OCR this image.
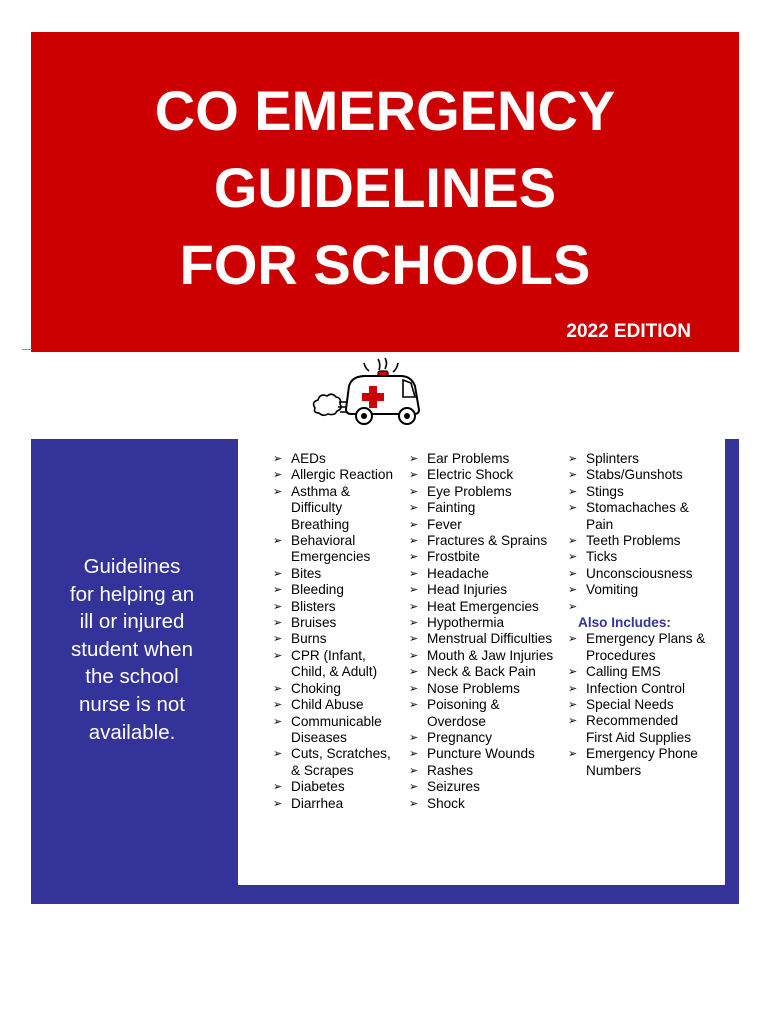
CO EMERGENCY
GUIDELINES
FOR SCHOOLS
2022 EDITION
Guidelines
for helping an
ill or injured
student when
the school
nurse is not
available.
➢ AEDs
➢ Allergic Reaction
➢ Asthma &
Difficulty
Breathing
➢ Behavioral
Emergencies
➢ Bites
➢ Bleeding
➢ Blisters
➢ Bruises
➢ Burns
➢ CPR (Infant,
Child, & Adult)
➢ Choking
➢ Child Abuse
➢ Communicable
Diseases
➢ Cuts, Scratches,
& Scrapes
➢ Diabetes
➢ Diarrhea
➢ Ear Problems
➢ Electric Shock
➢ Eye Problems
➢ Fainting
➢ Fever
➢ Fractures & Sprains
➢ Frostbite
➢ Headache
➢ Head Injuries
➢ Heat Emergencies
➢ Hypothermia
➢ Menstrual Difficulties
➢ Mouth & Jaw Injuries
➢ Neck & Back Pain
➢ Nose Problems
➢ Poisoning &
Overdose
➢ Pregnancy
➢ Puncture Wounds
➢ Rashes
➢ Seizures
➢ Shock
➢ Splinters
➢ Stabs/Gunshots
➢ Stings
➢ Stomachaches &
Pain
➢ Teeth Problems
➢ Ticks
➢ Unconsciousness
➢ Vomiting
➢
Also Includes:
➢ Emergency Plans &
Procedures
➢ Calling EMS
➢ Infection Control
➢ Special Needs
➢ Recommended
First Aid Supplies
➢ Emergency Phone
Numbers
